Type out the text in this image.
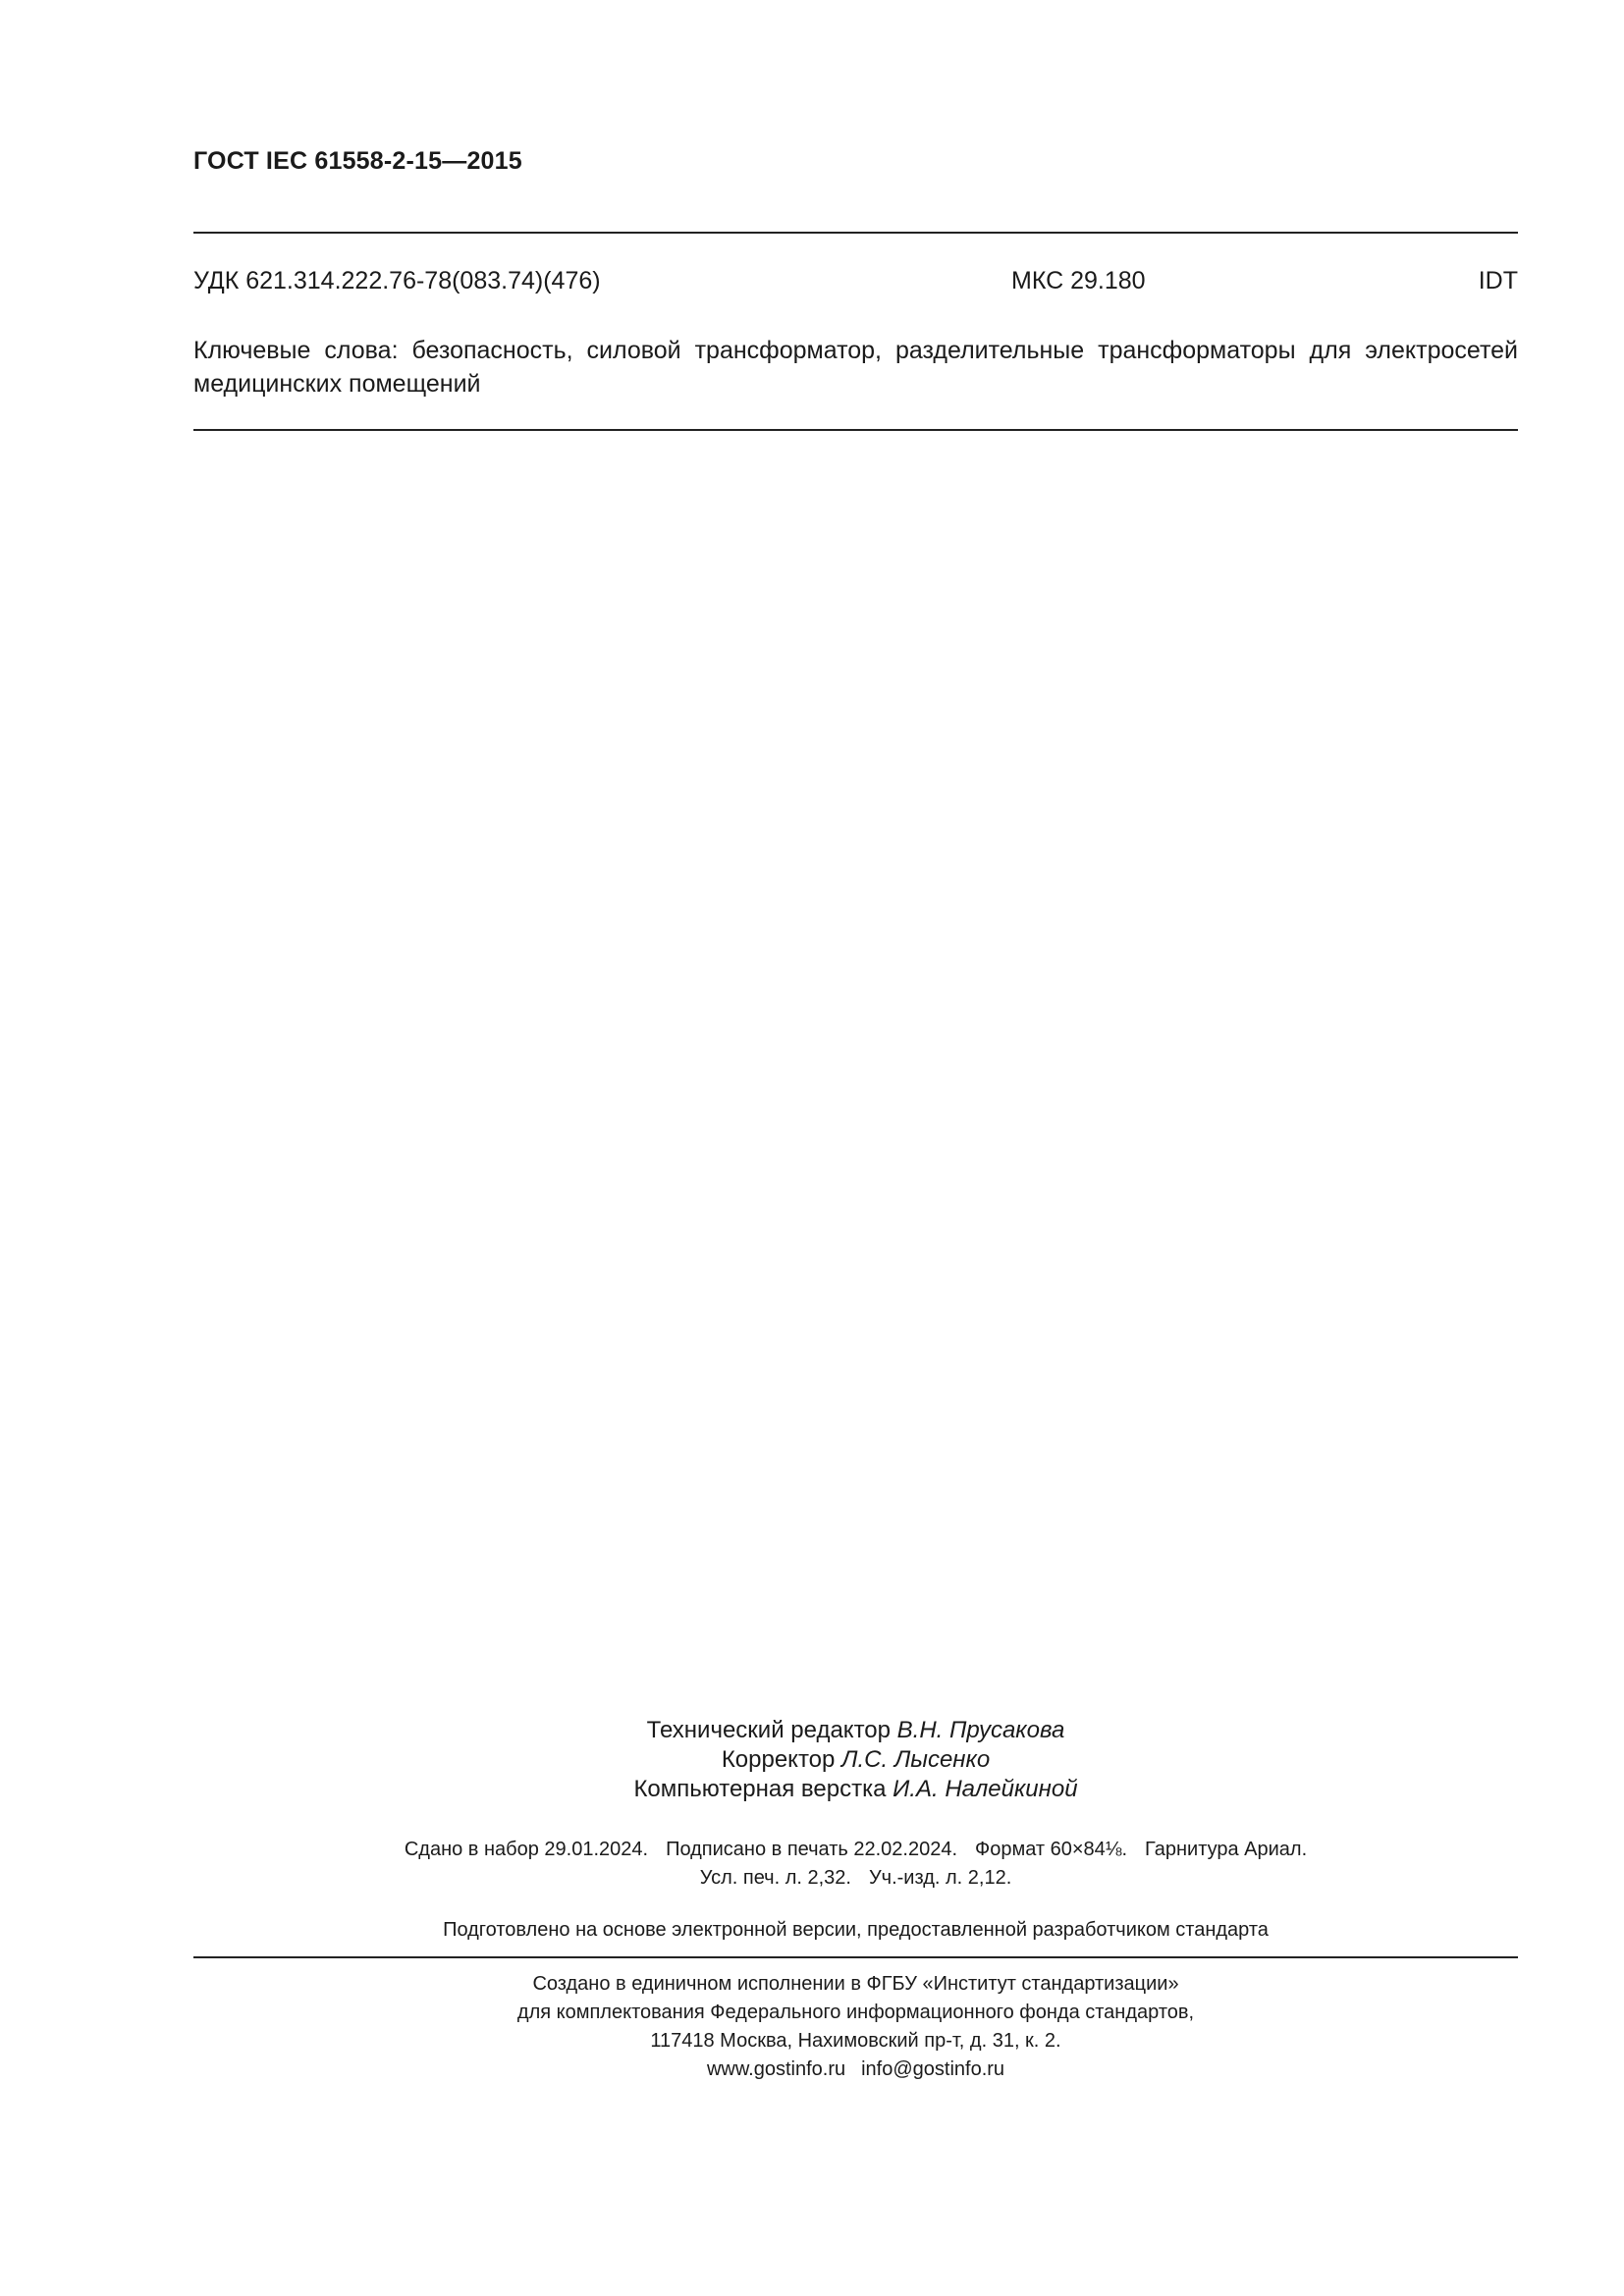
ГОСТ IEC 61558-2-15—2015
УДК 621.314.222.76-78(083.74)(476)	МКС 29.180	IDT
Ключевые слова: безопасность, силовой трансформатор, разделительные трансформаторы для электросетей медицинских помещений
Технический редактор В.Н. Прусакова
Корректор Л.С. Лысенко
Компьютерная верстка И.А. Налейкиной
Сдано в набор 29.01.2024. Подписано в печать 22.02.2024. Формат 60×84⅛. Гарнитура Ариал.
Усл. печ. л. 2,32. Уч.-изд. л. 2,12.
Подготовлено на основе электронной версии, предоставленной разработчиком стандарта
Создано в единичном исполнении в ФГБУ «Институт стандартизации»
для комплектования Федерального информационного фонда стандартов,
117418 Москва, Нахимовский пр-т, д. 31, к. 2.
www.gostinfo.ru info@gostinfo.ru
